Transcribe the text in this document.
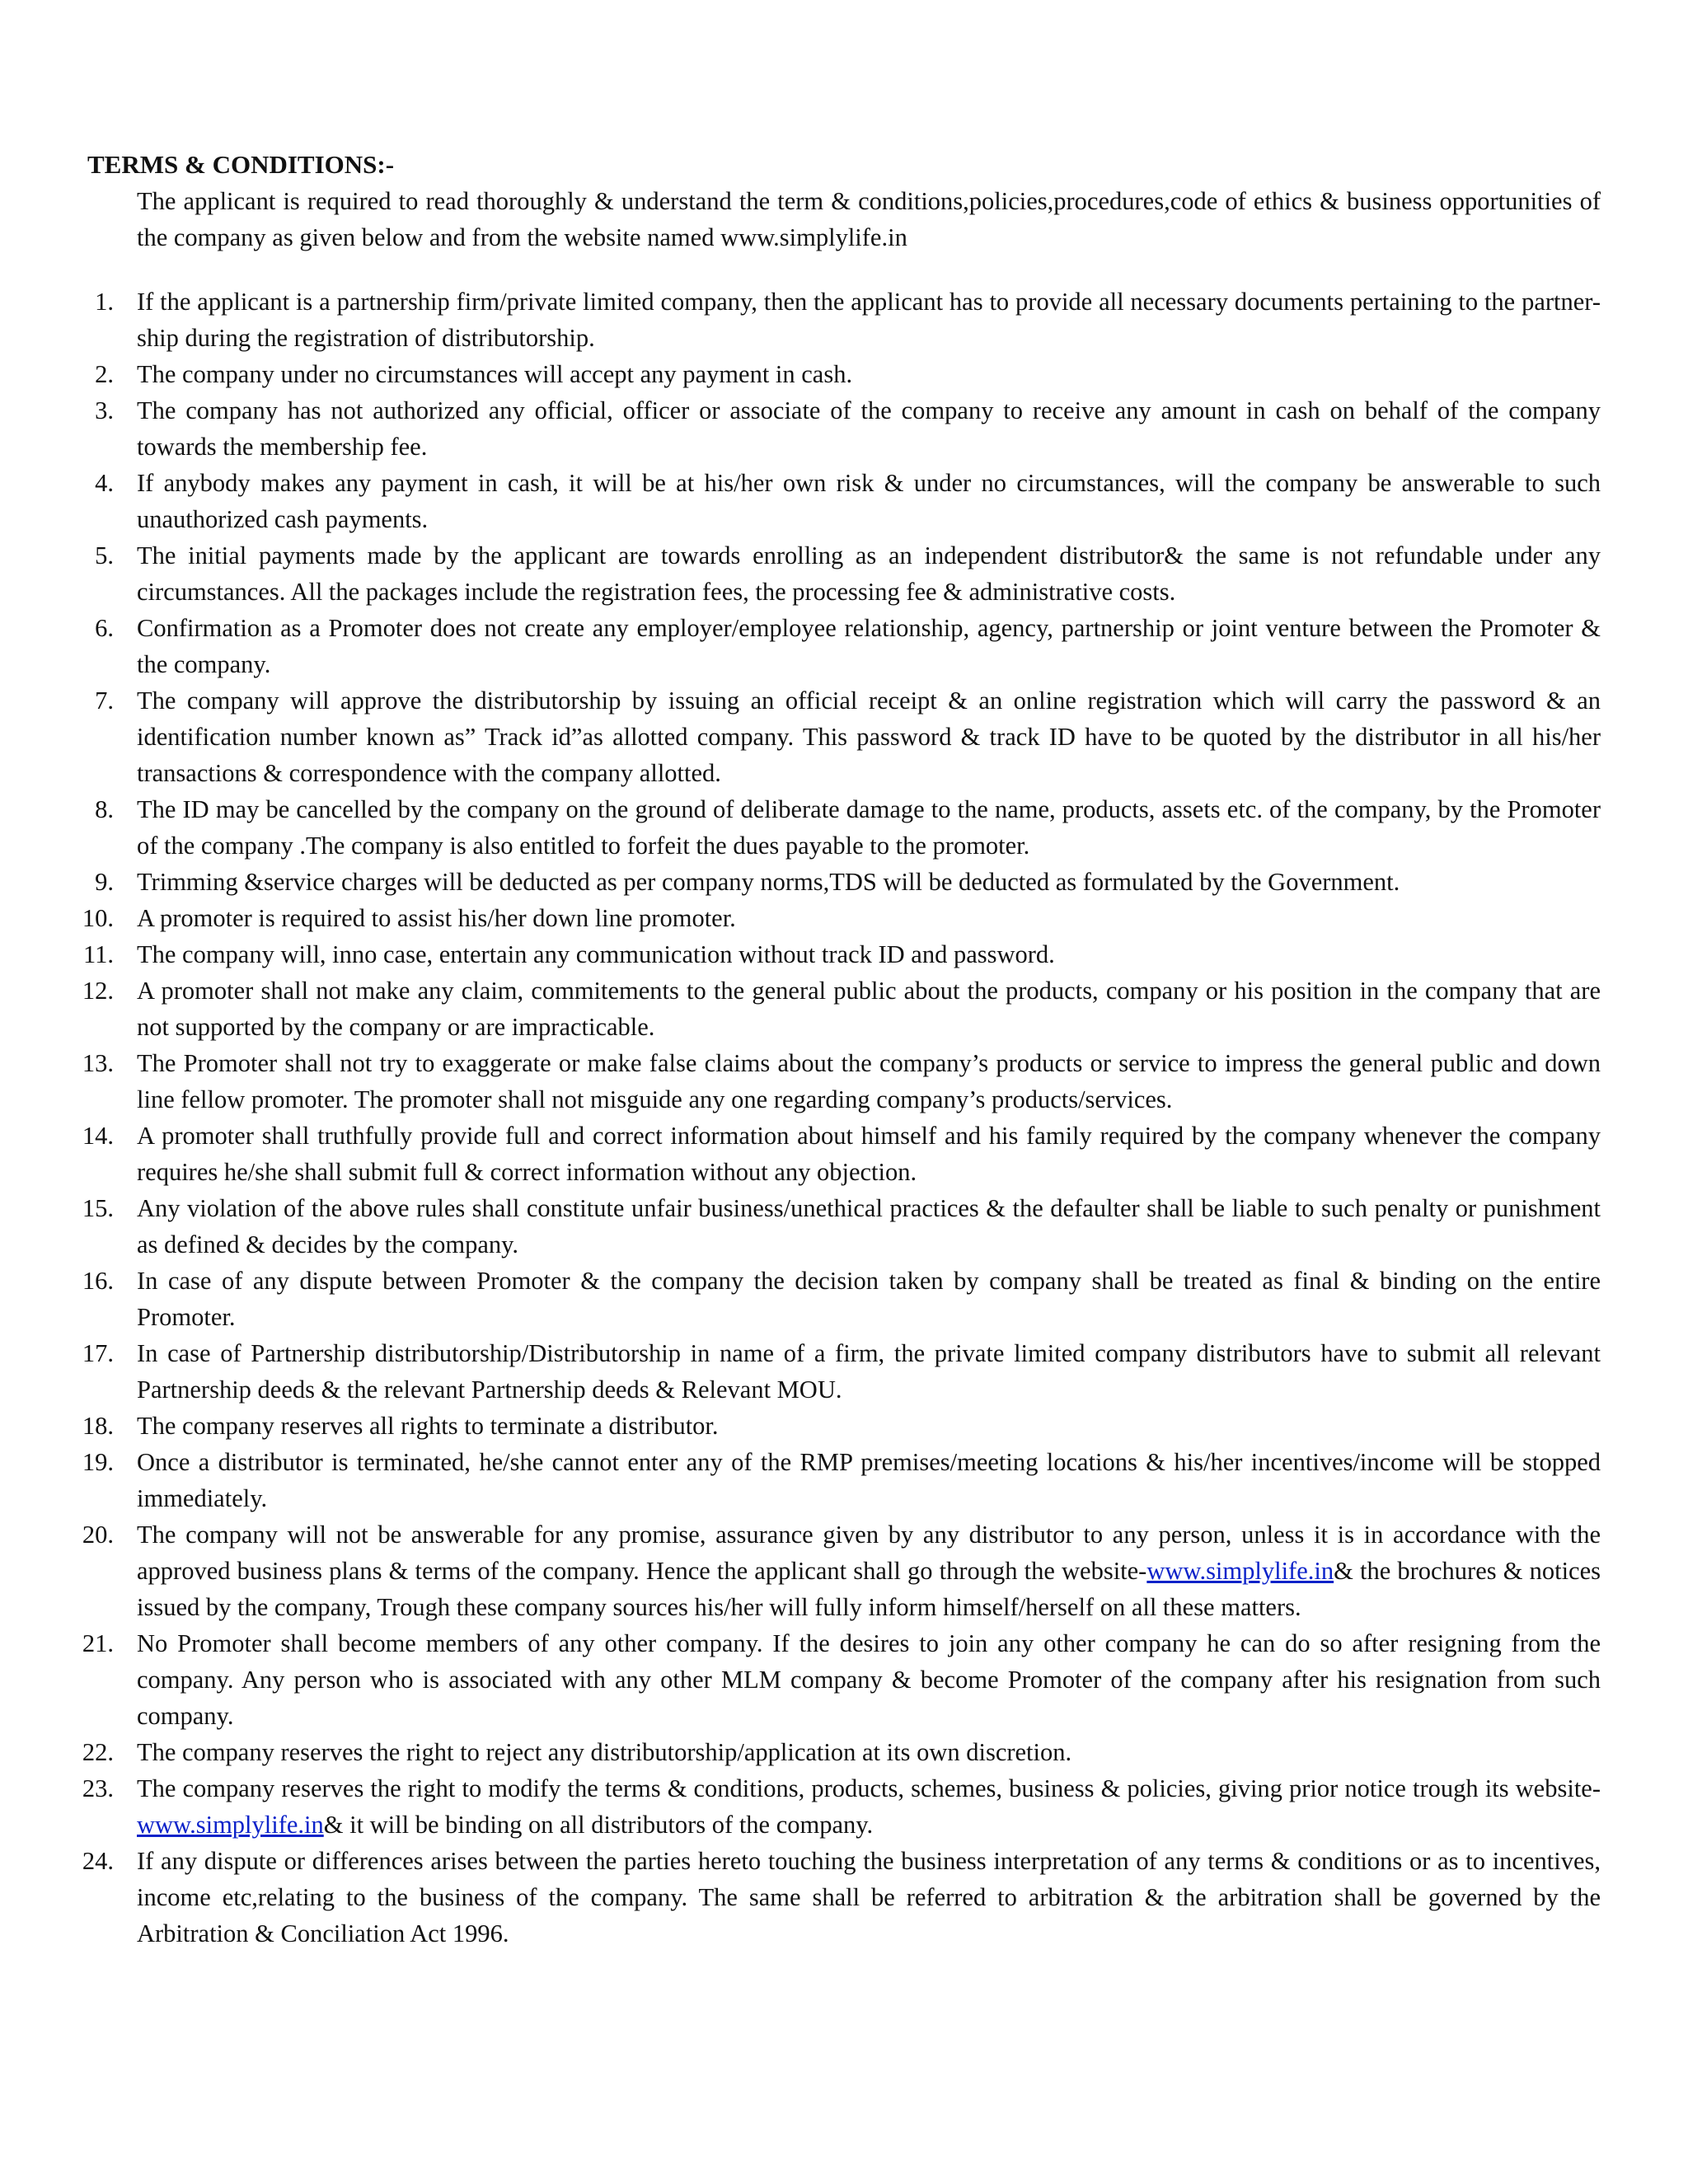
TERMS & CONDITIONS:-

The applicant is required to read thoroughly & understand the term & conditions,policies,procedures,code of ethics & business opportunities of the company as given below and from the website named www.simplylife.in

1. If the applicant is a partnership firm/private limited company, then the applicant has to provide all necessary documents pertaining to the partner-ship during the registration of distributorship.
2. The company under no circumstances will accept any payment in cash.
3. The company has not authorized any official, officer or associate of the company to receive any amount in cash on behalf of the company towards the membership fee.
4. If anybody makes any payment in cash, it will be at his/her own risk & under no circumstances, will the company be answerable to such unauthorized cash payments.
5. The initial payments made by the applicant are towards enrolling as an independent distributor& the same is not refundable under any circumstances. All the packages include the registration fees, the processing fee & administrative costs.
6. Confirmation as a Promoter does not create any employer/employee relationship, agency, partnership or joint venture between the Promoter & the company.
7. The company will approve the distributorship by issuing an official receipt & an online registration which will carry the password & an identification number known as” Track id”as allotted company. This password & track ID have to be quoted by the distributor in all his/her transactions & correspondence with the company allotted.
8. The ID may be cancelled by the company on the ground of deliberate damage to the name, products, assets etc. of the company, by the Promoter of the company .The company is also entitled to forfeit the dues payable to the promoter.
9. Trimming &service charges will be deducted as per company norms,TDS will be deducted as formulated by the Government.
10. A promoter is required to assist his/her down line promoter.
11. The company will, inno case, entertain any communication without track ID and password.
12. A promoter shall not make any claim, commitements to the general public about the products, company or his position in the company that are not supported by the company or are impracticable.
13. The Promoter shall not try to exaggerate or make false claims about the company’s products or service to impress the general public and down line fellow promoter. The promoter shall not misguide any one regarding company’s products/services.
14. A promoter shall truthfully provide full and correct information about himself and his family required by the company whenever the company requires he/she shall submit full & correct information without any objection.
15. Any violation of the above rules shall constitute unfair business/unethical practices & the defaulter shall be liable to such penalty or punishment as defined & decides by the company.
16. In case of any dispute between Promoter & the company the decision taken by company shall be treated as final & binding on the entire Promoter.
17. In case of Partnership distributorship/Distributorship in name of a firm, the private limited company distributors have to submit all relevant Partnership deeds & the relevant Partnership deeds & Relevant MOU.
18. The company reserves all rights to terminate a distributor.
19. Once a distributor is terminated, he/she cannot enter any of the RMP premises/meeting locations & his/her incentives/income will be stopped immediately.
20. The company will not be answerable for any promise, assurance given by any distributor to any person, unless it is in accordance with the approved business plans & terms of the company. Hence the applicant shall go through the website-www.simplylife.in& the brochures & notices issued by the company, Trough these company sources his/her will fully inform himself/herself on all these matters.
21. No Promoter shall become members of any other company. If the desires to join any other company he can do so after resigning from the company. Any person who is associated with any other MLM company & become Promoter of the company after his resignation from such company.
22. The company reserves the right to reject any distributorship/application at its own discretion.
23. The company reserves the right to modify the terms & conditions, products, schemes, business & policies, giving prior notice trough its website-www.simplylife.in& it will be binding on all distributors of the company.
24. If any dispute or differences arises between the parties hereto touching the business interpretation of any terms & conditions or as to incentives, income etc,relating to the business of the company. The same shall be referred to arbitration & the arbitration shall be governed by the Arbitration & Conciliation Act 1996.
